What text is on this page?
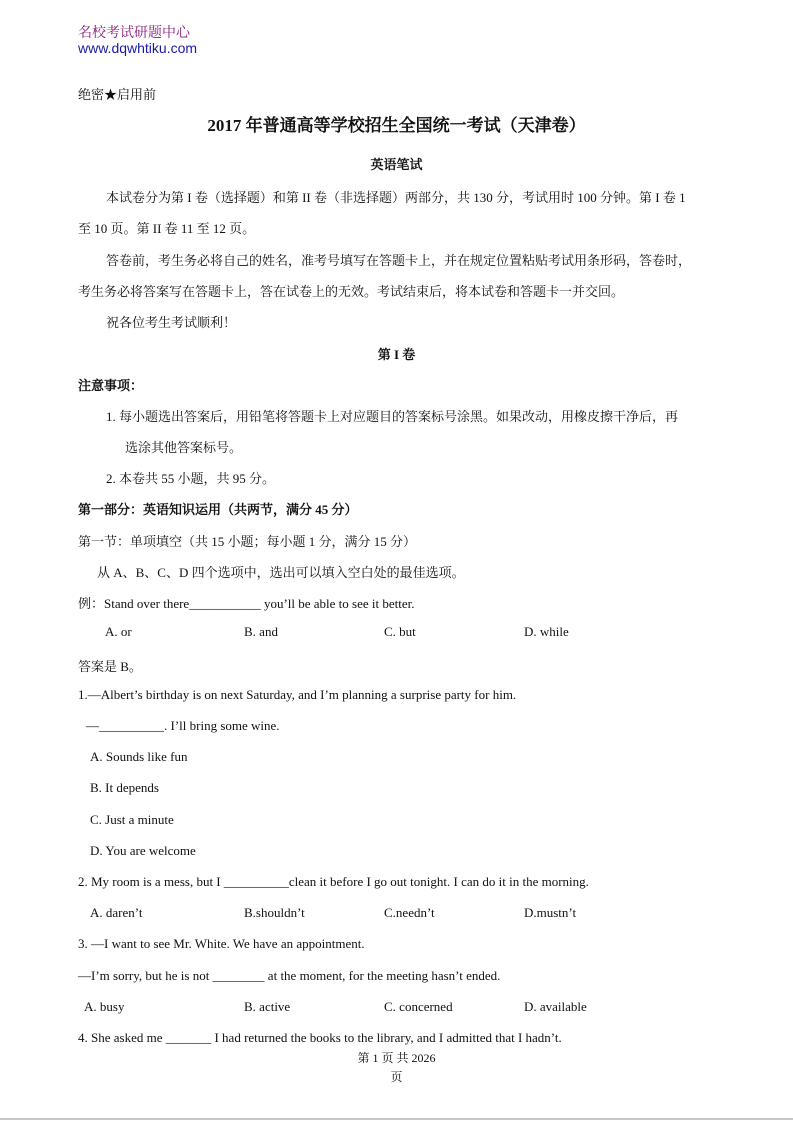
名校考试研题中心
www.dqwhtiku.com
绝密★启用前
2017 年普通高等学校招生全国统一考试（天津卷）
英语笔试
本试卷分为第 I 卷（选择题）和第 II 卷（非选择题）两部分，共 130 分，考试用时 100 分钟。第 I 卷 1
至 10 页。第 II 卷 11 至 12 页。
答卷前，考生务必将自己的姓名，准考号填写在答题卡上，并在规定位置粘贴考试用条形码，答卷时，
考生务必将答案写在答题卡上，答在试卷上的无效。考试结束后，将本试卷和答题卡一并交回。
祝各位考生考试顺利！
第 I 卷
注意事项：
1. 每小题选出答案后，用铅笔将答题卡上对应题目的答案标号涂黑。如果改动，用橡皮擦干净后，再
选涂其他答案标号。
2. 本卷共 55 小题，共 95 分。
第一部分：英语知识运用（共两节，满分 45 分）
第一节：单项填空（共 15 小题；每小题 1 分，满分 15 分）
从 A、B、C、D 四个选项中，选出可以填入空白处的最佳选项。
例：Stand over there___________ you’ll be able to see it better.
A. or	B. and	C. but	D. while
答案是 B。
1.—Albert’s birthday is on next Saturday, and I’m planning a surprise party for him.
—__________. I’ll bring some wine.
A. Sounds like fun
B. It depends
C. Just a minute
D. You are welcome
2. My room is a mess, but I __________clean it before I go out tonight. I can do it in the morning.
A. daren’t	B.shouldn’t	C.needn’t	D.mustn’t
3. —I want to see Mr. White. We have an appointment.
—I’m sorry, but he is not ________ at the moment, for the meeting hasn’t ended.
A. busy	B. active	C. concerned	D. available
4. She asked me _______ I had returned the books to the library, and I admitted that I hadn’t.
第 1 页 共 2026
页
